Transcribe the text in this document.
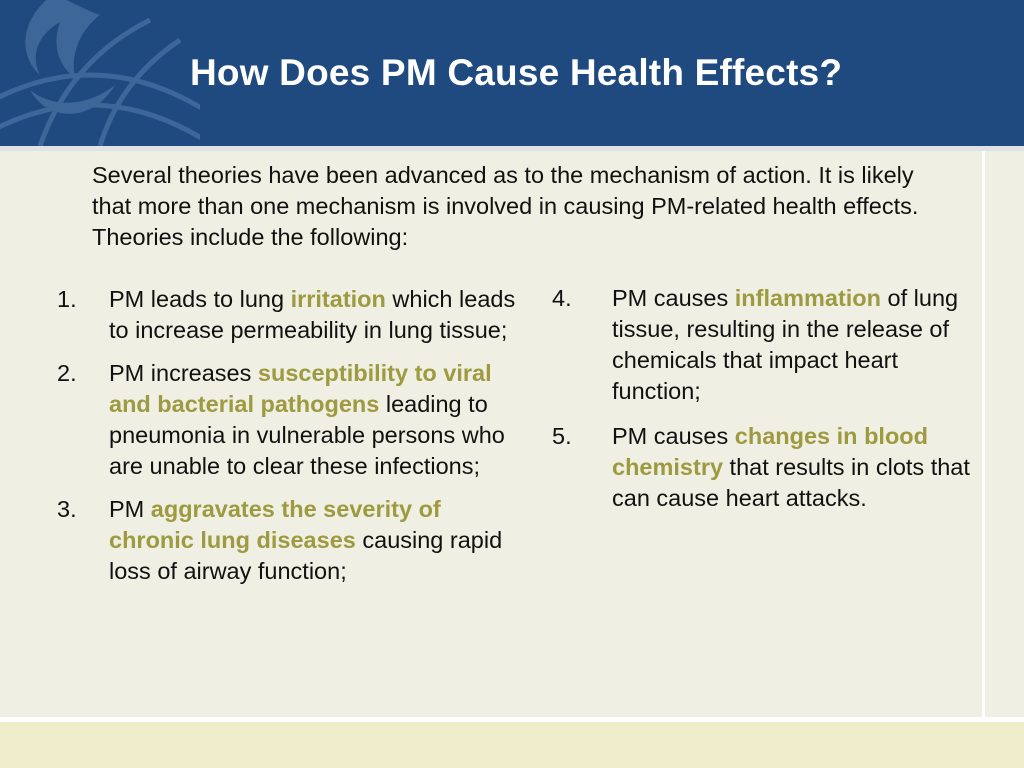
How Does PM Cause Health Effects?

Several theories have been advanced as to the mechanism of action. It is likely that more than one mechanism is involved in causing PM-related health effects. Theories include the following:

1. PM leads to lung irritation which leads to increase permeability in lung tissue;
2. PM increases susceptibility to viral and bacterial pathogens leading to pneumonia in vulnerable persons who are unable to clear these infections;
3. PM aggravates the severity of chronic lung diseases causing rapid loss of airway function;
4. PM causes inflammation of lung tissue, resulting in the release of chemicals that impact heart function;
5. PM causes changes in blood chemistry that results in clots that can cause heart attacks.
